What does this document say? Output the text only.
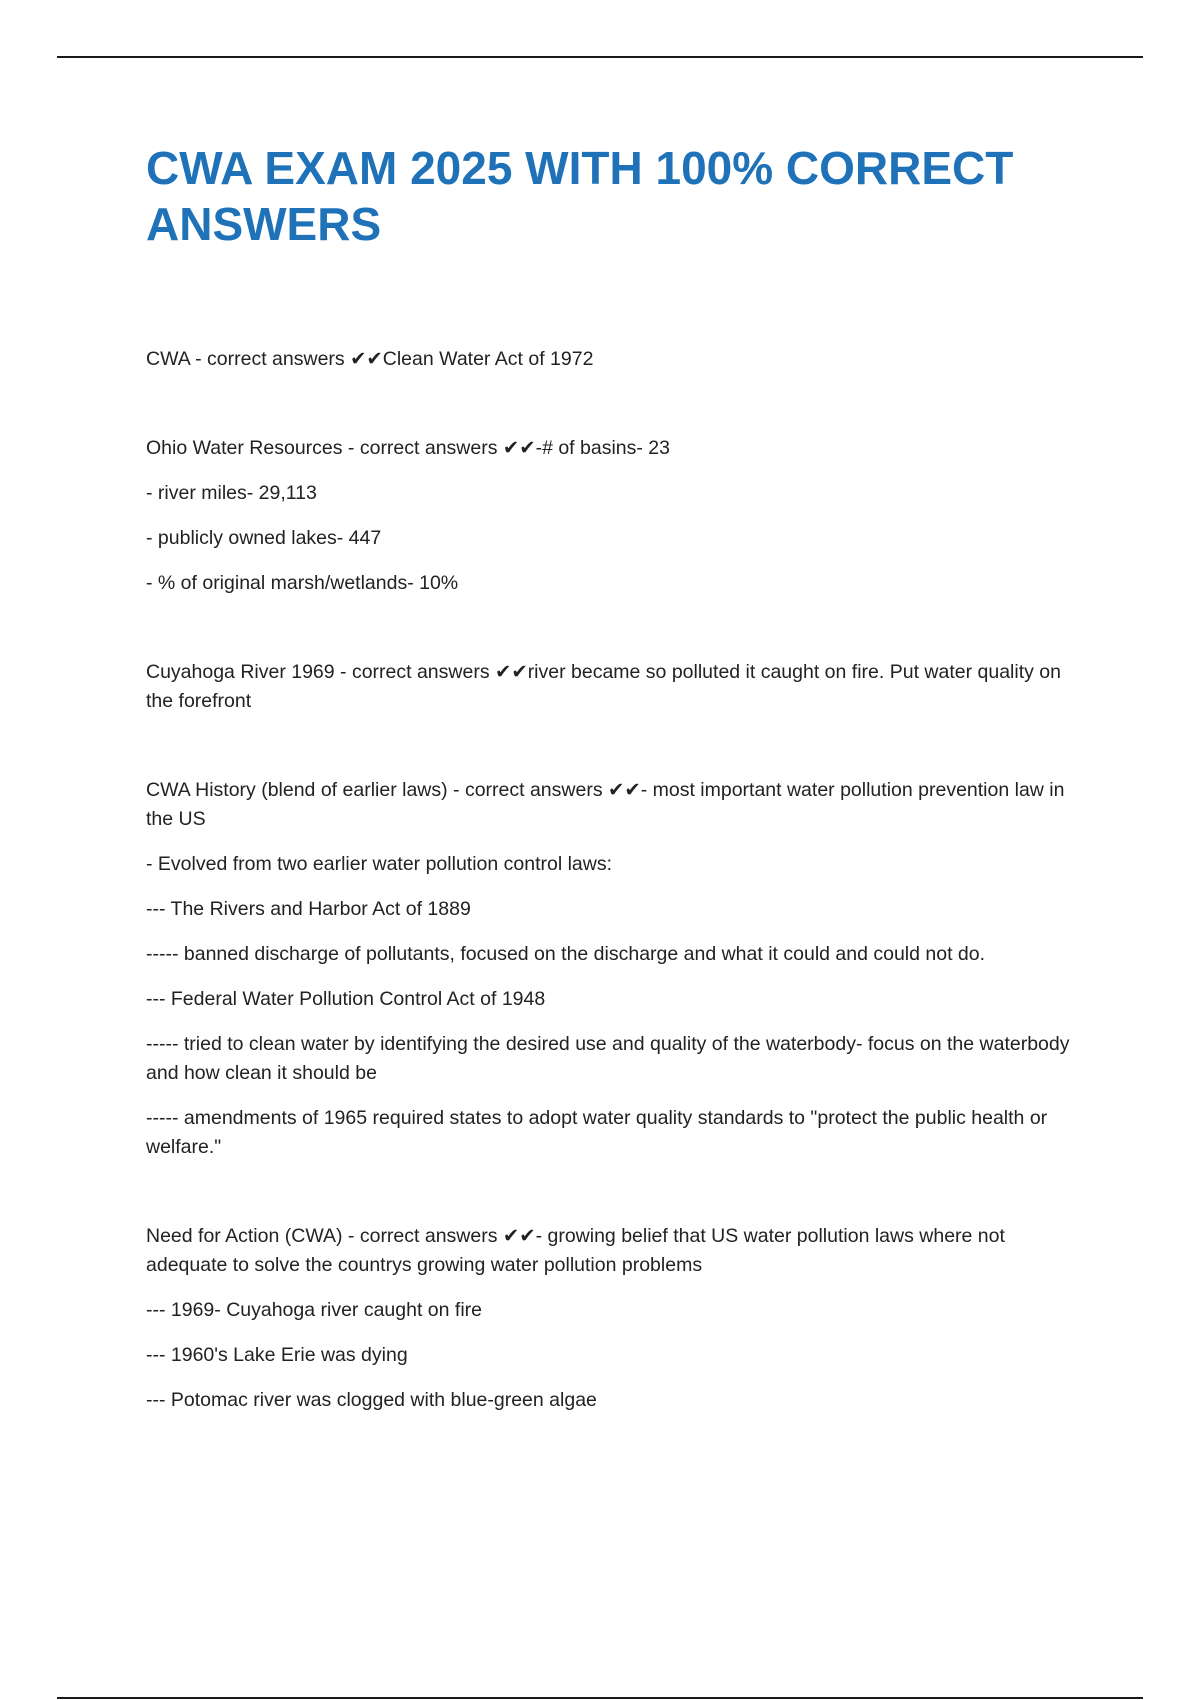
CWA EXAM 2025 WITH 100% CORRECT ANSWERS

CWA - correct answers ✔✔Clean Water Act of 1972

Ohio Water Resources - correct answers ✔✔-# of basins- 23

- river miles- 29,113

- publicly owned lakes- 447

- % of original marsh/wetlands- 10%

Cuyahoga River 1969 - correct answers ✔✔river became so polluted it caught on fire. Put water quality on the forefront

CWA History (blend of earlier laws) - correct answers ✔✔- most important water pollution prevention law in the US

- Evolved from two earlier water pollution control laws:

--- The Rivers and Harbor Act of 1889

----- banned discharge of pollutants, focused on the discharge and what it could and could not do.

--- Federal Water Pollution Control Act of 1948

----- tried to clean water by identifying the desired use and quality of the waterbody- focus on the waterbody and how clean it should be

----- amendments of 1965 required states to adopt water quality standards to "protect the public health or welfare."

Need for Action (CWA) - correct answers ✔✔- growing belief that US water pollution laws where not adequate to solve the countrys growing water pollution problems

--- 1969- Cuyahoga river caught on fire

--- 1960's Lake Erie was dying

--- Potomac river was clogged with blue-green algae
